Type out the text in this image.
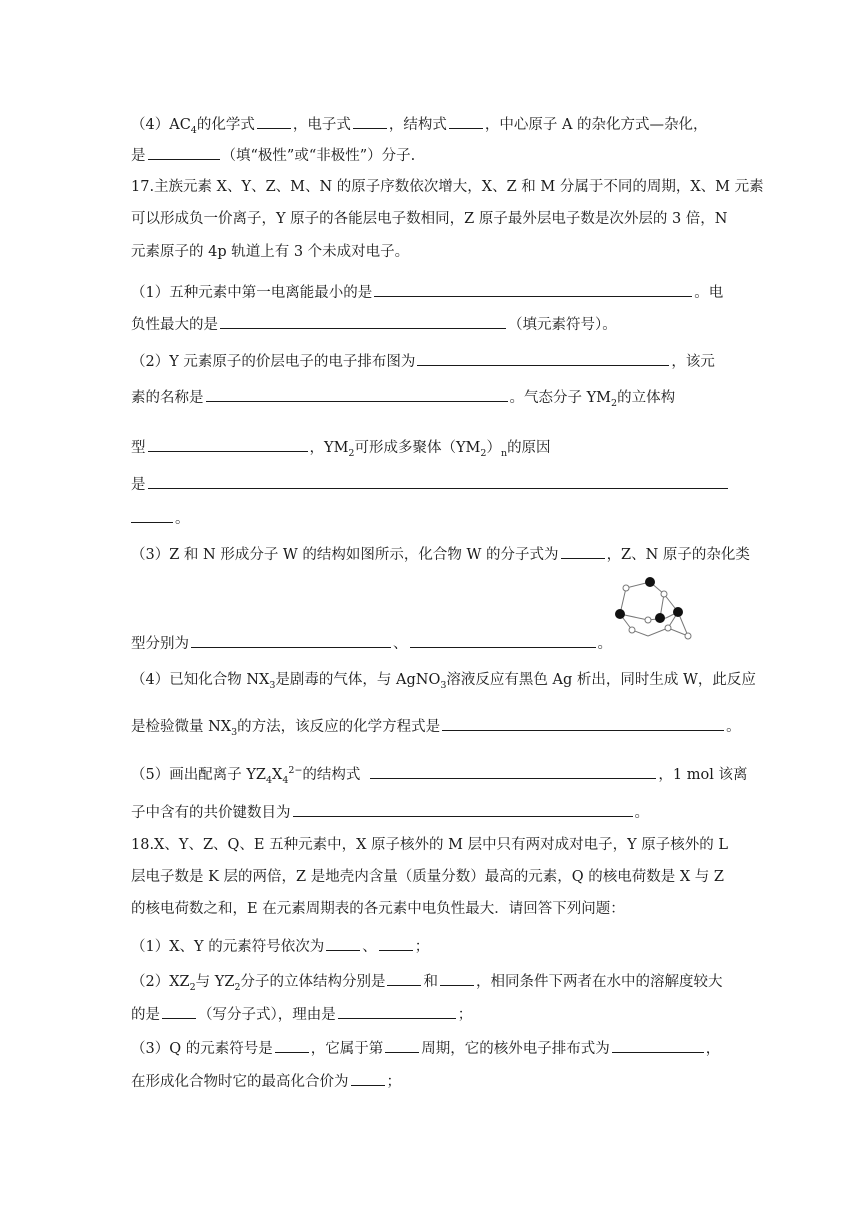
$(4)AC_4$的化学式	，电子式	，结构式	，中心原子 A 的杂化方式—杂化，
是	（填“极性”或“非极性”）分子.
17.主族元素 X、Y、Z、M、N 的原子序数依次增大，X、Z 和 M 分属于不同的周期，X、M 元素
可以形成负一价离子，Y 原子的各能层电子数相同，Z 原子最外层电子数是次外层的 3 倍，N
元素原子的 4p 轨道上有 3 个未成对电子。
（1）五种元素中第一电离能最小的是	。电
负性最大的是	（填元素符号）。
（2）Y 元素原子的价层电子的电子排布图为	，该元
素的名称是	。气态分子 $YM_2$的立体构
型	，$YM_2$可形成多聚体$(YM_2)_n$的原因
是
。
（3）Z 和 N 形成分子 W 的结构如图所示，化合物 W 的分子式为	，Z、N 原子的杂化类
型分别为	、	。
（4）已知化合物 $NX_3$是剧毒的气体，与 AgNO$_3$溶液反应有黑色 Ag 析出，同时生成 W，此反应
是检验微量 $NX_3$的方法，该反应的化学方程式是	。
（5）画出配离子 $YZ_4X_4^{2-}$的结构式	，1 mol 该离
子中含有的共价键数目为	。
18.X、Y、Z、Q、E 五种元素中，X 原子核外的 M 层中只有两对成对电子，Y 原子核外的 L
层电子数是 K 层的两倍，Z 是地壳内含量（质量分数）最高的元素，Q 的核电荷数是 X 与 Z
的核电荷数之和，E 在元素周期表的各元素中电负性最大．请回答下列问题：
（1）X、Y 的元素符号依次为	、	；
$(2)XZ_2$与 $YZ_2$分子的立体结构分别是	和	，相同条件下两者在水中的溶解度较大
的是	（写分子式），理由是	；
（3）Q 的元素符号是	，它属于第	周期，它的核外电子排布式为	，
在形成化合物时它的最高化合价为	；
